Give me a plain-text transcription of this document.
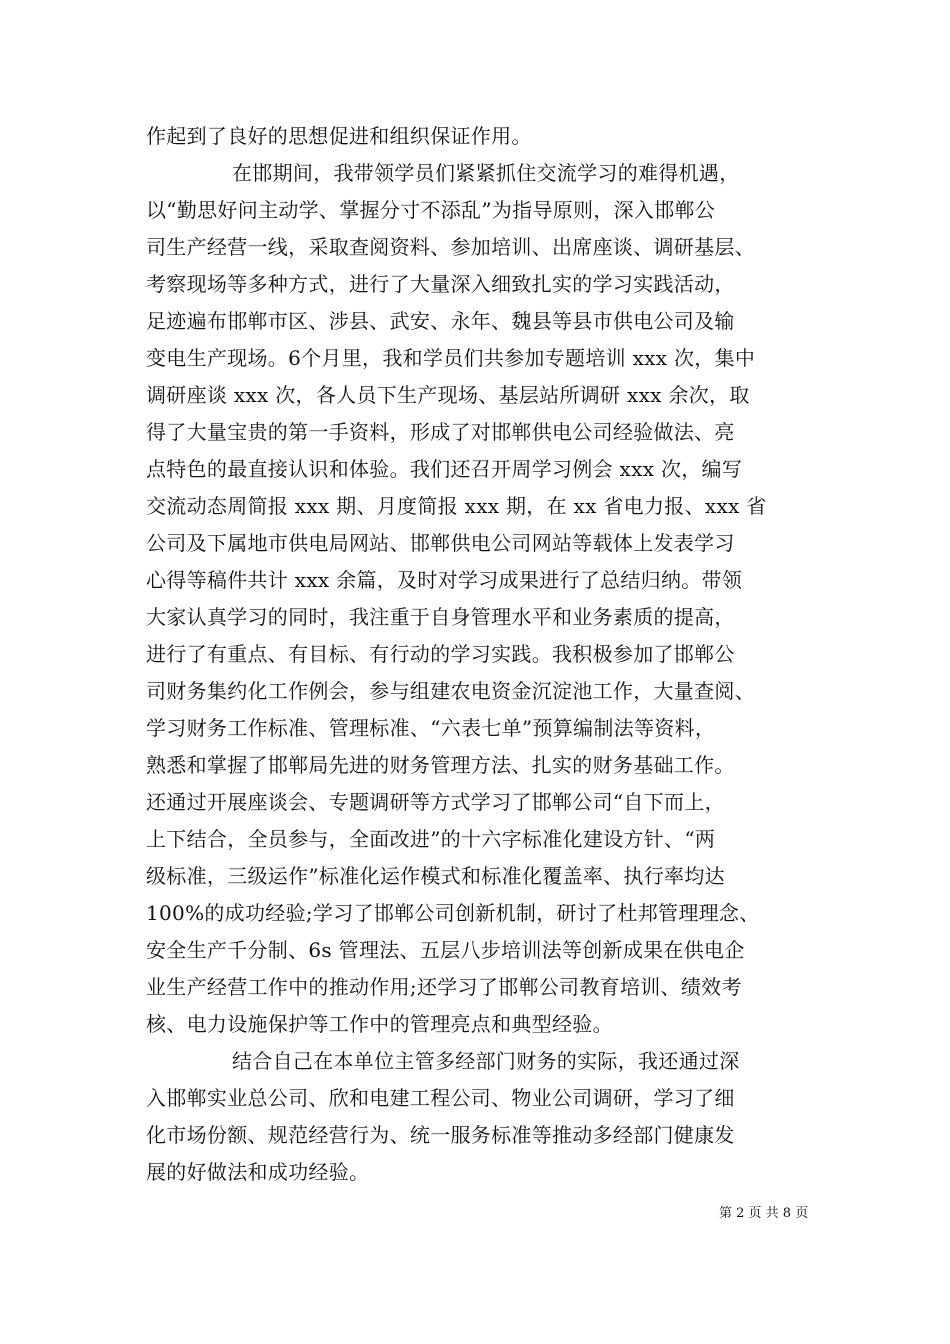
作起到了良好的思想促进和组织保证作用。
在邯期间，我带领学员们紧紧抓住交流学习的难得机遇，
以“勤思好问主动学、掌握分寸不添乱”为指导原则，深入邯郸公
司生产经营一线，采取查阅资料、参加培训、出席座谈、调研基层、
考察现场等多种方式，进行了大量深入细致扎实的学习实践活动，
足迹遍布邯郸市区、涉县、武安、永年、魏县等县市供电公司及输
变电生产现场。6个月里，我和学员们共参加专题培训 xxx 次，集中
调研座谈 xxx 次，各人员下生产现场、基层站所调研 xxx 余次，取
得了大量宝贵的第一手资料，形成了对邯郸供电公司经验做法、亮
点特色的最直接认识和体验。我们还召开周学习例会 xxx 次，编写
交流动态周简报 xxx 期、月度简报 xxx 期，在 xx 省电力报、xxx 省
公司及下属地市供电局网站、邯郸供电公司网站等载体上发表学习
心得等稿件共计 xxx 余篇，及时对学习成果进行了总结归纳。带领
大家认真学习的同时，我注重于自身管理水平和业务素质的提高，
进行了有重点、有目标、有行动的学习实践。我积极参加了邯郸公
司财务集约化工作例会，参与组建农电资金沉淀池工作，大量查阅、
学习财务工作标准、管理标准、“六表七单”预算编制法等资料，
熟悉和掌握了邯郸局先进的财务管理方法、扎实的财务基础工作。
还通过开展座谈会、专题调研等方式学习了邯郸公司“自下而上，
上下结合，全员参与，全面改进”的十六字标准化建设方针、“两
级标准，三级运作”标准化运作模式和标准化覆盖率、执行率均达
100%的成功经验;学习了邯郸公司创新机制，研讨了杜邦管理理念、
安全生产千分制、6s 管理法、五层八步培训法等创新成果在供电企
业生产经营工作中的推动作用;还学习了邯郸公司教育培训、绩效考
核、电力设施保护等工作中的管理亮点和典型经验。
结合自己在本单位主管多经部门财务的实际，我还通过深
入邯郸实业总公司、欣和电建工程公司、物业公司调研，学习了细
化市场份额、规范经营行为、统一服务标准等推动多经部门健康发
展的好做法和成功经验。
第 2 页 共 8 页
